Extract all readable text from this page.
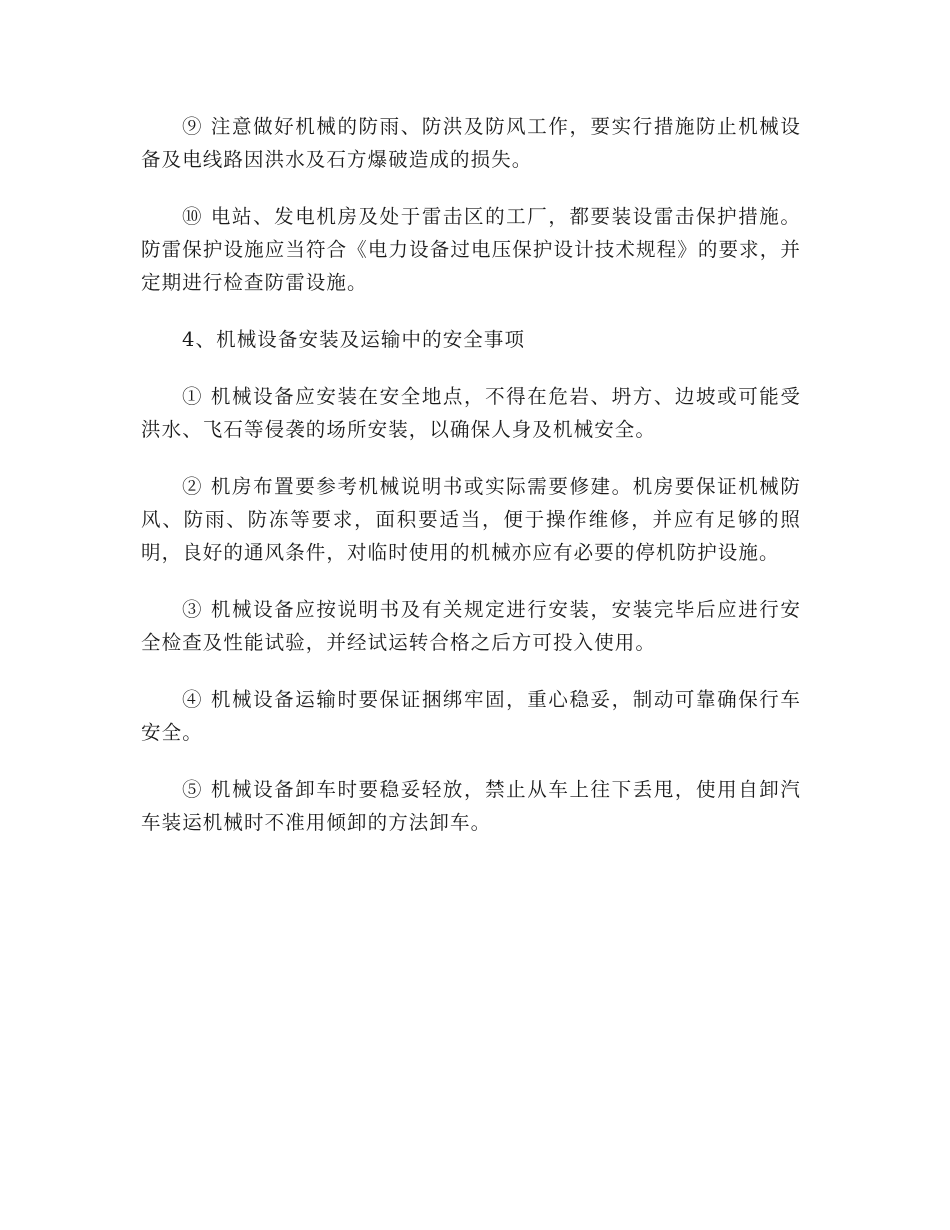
⑨ 注意做好机械的防雨、防洪及防风工作，要实行措施防止机械设备及电线路因洪水及石方爆破造成的损失。

⑩ 电站、发电机房及处于雷击区的工厂，都要装设雷击保护措施。防雷保护设施应当符合《电力设备过电压保护设计技术规程》的要求，并定期进行检查防雷设施。

4、机械设备安装及运输中的安全事项

① 机械设备应安装在安全地点，不得在危岩、坍方、边坡或可能受洪水、飞石等侵袭的场所安装，以确保人身及机械安全。

② 机房布置要参考机械说明书或实际需要修建。机房要保证机械防风、防雨、防冻等要求，面积要适当，便于操作维修，并应有足够的照明，良好的通风条件，对临时使用的机械亦应有必要的停机防护设施。

③ 机械设备应按说明书及有关规定进行安装，安装完毕后应进行安全检查及性能试验，并经试运转合格之后方可投入使用。

④ 机械设备运输时要保证捆绑牢固，重心稳妥，制动可靠确保行车安全。

⑤ 机械设备卸车时要稳妥轻放，禁止从车上往下丢甩，使用自卸汽车装运机械时不准用倾卸的方法卸车。
